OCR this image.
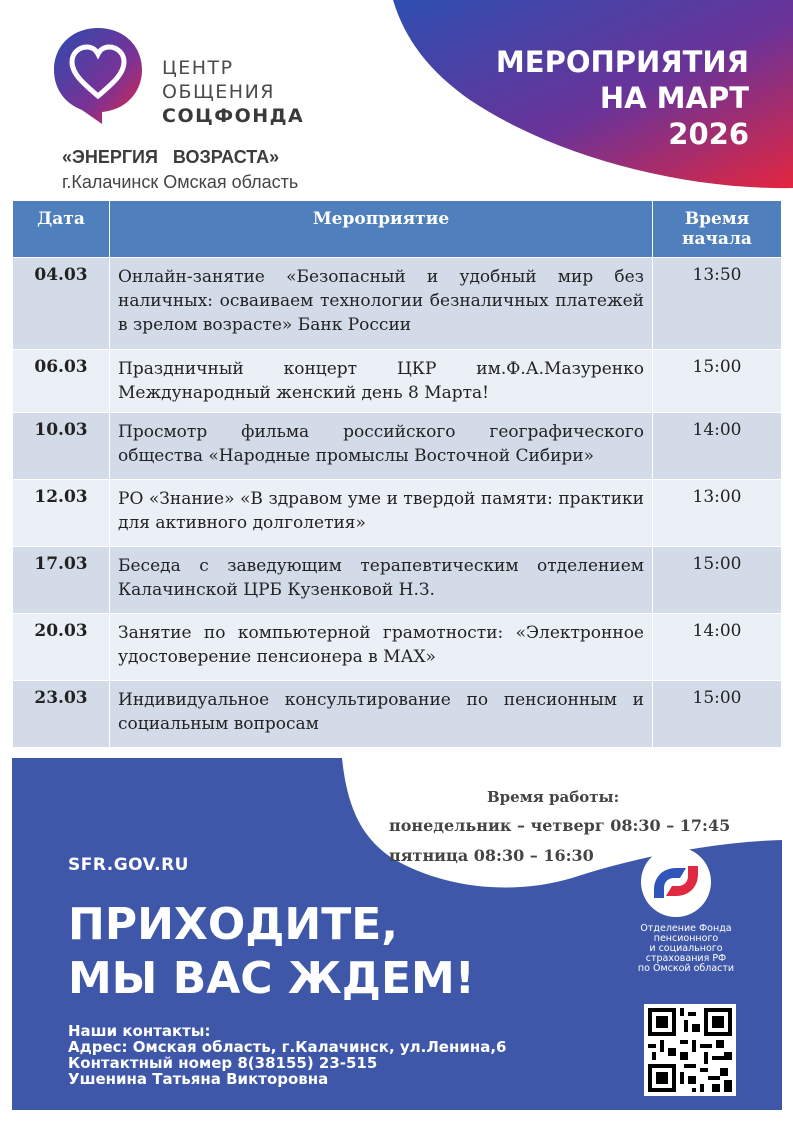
МЕРОПРИЯТИЯ
НА МАРТ
2026
ЦЕНТР
ОБЩЕНИЯ
СОЦФОНДА
«ЭНЕРГИЯ   ВОЗРАСТА»
г.Калачинск Омская область
Дата	Мероприятие	Время начала
04.03	Онлайн-занятие «Безопасный и удобный мир без наличных: осваиваем технологии безналичных платежей в зрелом возрасте» Банк России	13:50
06.03	Праздничный концерт ЦКР им.Ф.А.Мазуренко Международный женский день 8 Марта!	15:00
10.03	Просмотр фильма российского географического общества «Народные промыслы Восточной Сибири»	14:00
12.03	РО «Знание» «В здравом уме и твердой памяти: практики для активного долголетия»	13:00
17.03	Беседа с заведующим терапевтическим отделением Калачинской ЦРБ Кузенковой Н.З.	15:00
20.03	Занятие по компьютерной грамотности: «Электронное удостоверение пенсионера в МАХ»	14:00
23.03	Индивидуальное консультирование по пенсионным и социальным вопросам	15:00
Время работы:
понедельник – четверг 08:30 – 17:45
пятница 08:30 – 16:30
SFR.GOV.RU
ПРИХОДИТЕ,
МЫ ВАС ЖДЕМ!
Наши контакты:
Адрес: Омская область, г.Калачинск, ул.Ленина,6
Контактный номер 8(38155) 23-515
Ушенина Татьяна Викторовна
Отделение Фонда
пенсионного
и социального
страхования РФ
по Омской области
